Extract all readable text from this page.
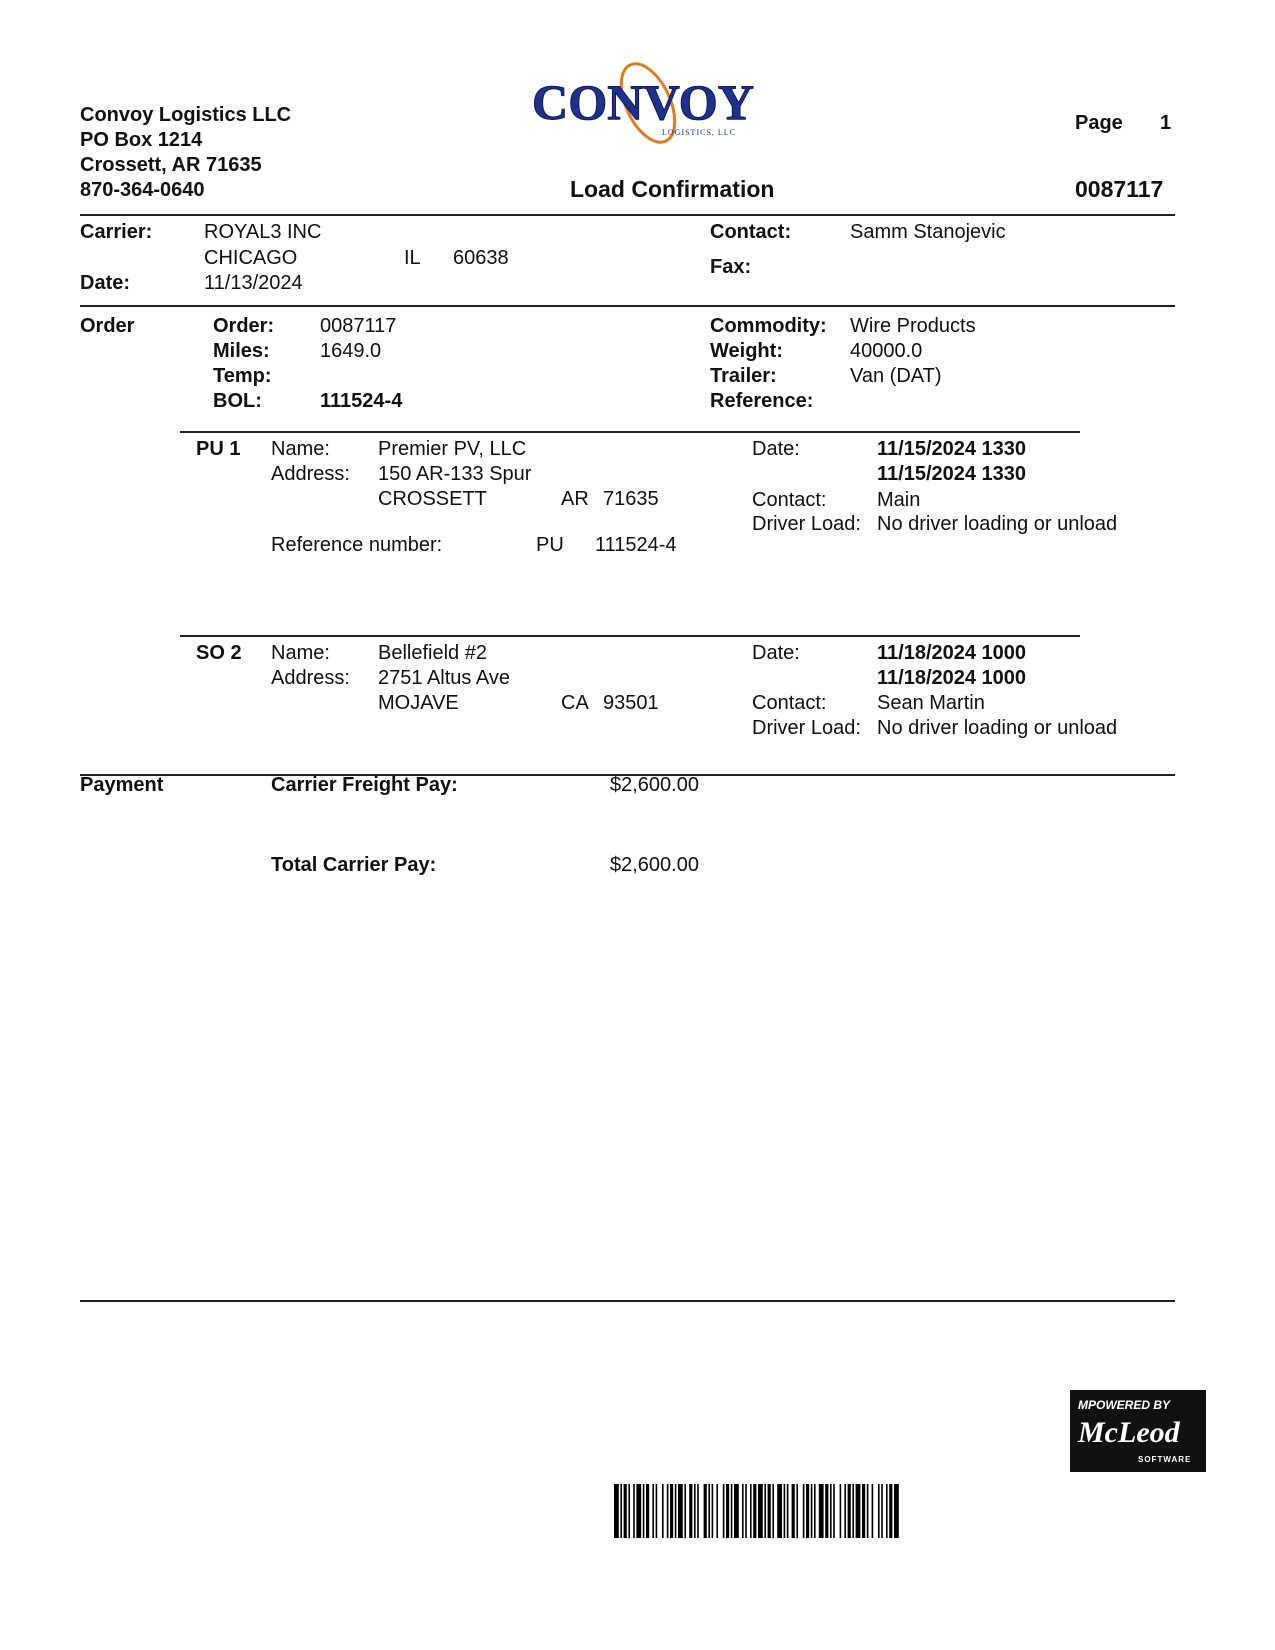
Convoy Logistics LLC
PO Box 1214
Crossett, AR 71635
870-364-0640
CONVOY
LOGISTICS, LLC	Page 1
Load Confirmation	0087117
Carrier:	ROYAL3 INC
CHICAGO	IL 60638
Date:	11/13/2024
Contact:	Samm Stanojevic
Fax:
Order	Order: 0087117
Miles:	1649.0
Temp:
BOL:	111524-4
Commodity: Wire Products
Weight:	40000.0
Trailer:	Van (DAT)
Reference:
PU 1 Name: Premier PV, LLC
Address: 150 AR-133 Spur
CROSSETT	AR 71635
Reference number:	PU 111524-4
Date:	11/15/2024 1330
11/15/2024 1330
Contact:	Main
Driver Load: No driver loading or unload
SO 2 Name: Bellefield #2
Address: 2751 Altus Ave
MOJAVE	CA 93501
Date:	11/18/2024 1000
11/18/2024 1000
Contact:	Sean Martin
Driver Load: No driver loading or unload
Payment	Carrier Freight Pay:	$2,600.00
Total Carrier Pay:	$2,600.00
MPOWERED BY
McLeod
SOFTWARE
